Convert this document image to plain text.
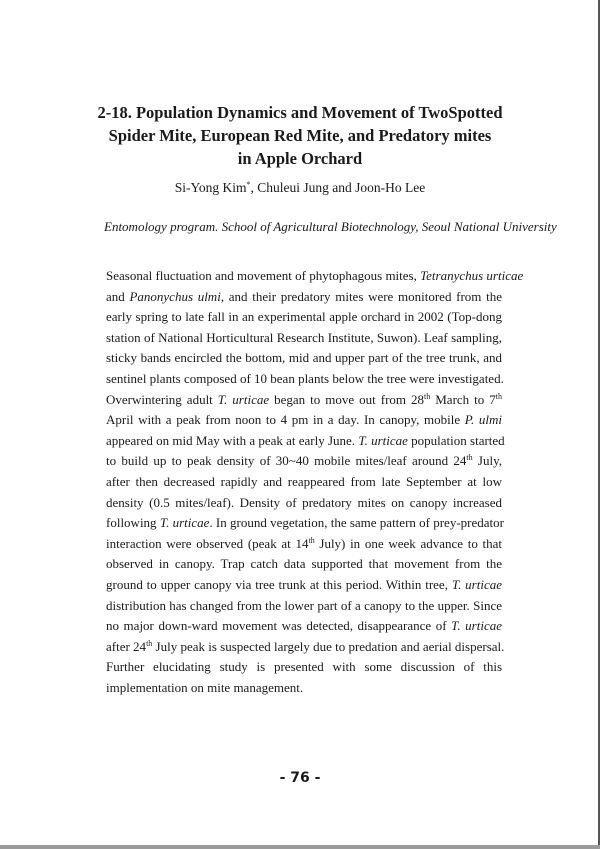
2-18. Population Dynamics and Movement of TwoSpotted
Spider Mite, European Red Mite, and Predatory mites
in Apple Orchard

Si-Yong Kim*, Chuleui Jung and Joon-Ho Lee

Entomology program. School of Agricultural Biotechnology, Seoul National University

Seasonal fluctuation and movement of phytophagous mites, Tetranychus urticae
and Panonychus ulmi, and their predatory mites were monitored from the
early spring to late fall in an experimental apple orchard in 2002 (Top-dong
station of National Horticultural Research Institute, Suwon). Leaf sampling,
sticky bands encircled the bottom, mid and upper part of the tree trunk, and
sentinel plants composed of 10 bean plants below the tree were investigated.
Overwintering adult T. urticae began to move out from 28th March to 7th
April with a peak from noon to 4 pm in a day. In canopy, mobile P. ulmi
appeared on mid May with a peak at early June. T. urticae population started
to build up to peak density of 30~40 mobile mites/leaf around 24th July,
after then decreased rapidly and reappeared from late September at low
density (0.5 mites/leaf). Density of predatory mites on canopy increased
following T. urticae. In ground vegetation, the same pattern of prey-predator
interaction were observed (peak at 14th July) in one week advance to that
observed in canopy. Trap catch data supported that movement from the
ground to upper canopy via tree trunk at this period. Within tree, T. urticae
distribution has changed from the lower part of a canopy to the upper. Since
no major down-ward movement was detected, disappearance of T. urticae
after 24th July peak is suspected largely due to predation and aerial dispersal.
Further elucidating study is presented with some discussion of this
implementation on mite management.

- 76 -
